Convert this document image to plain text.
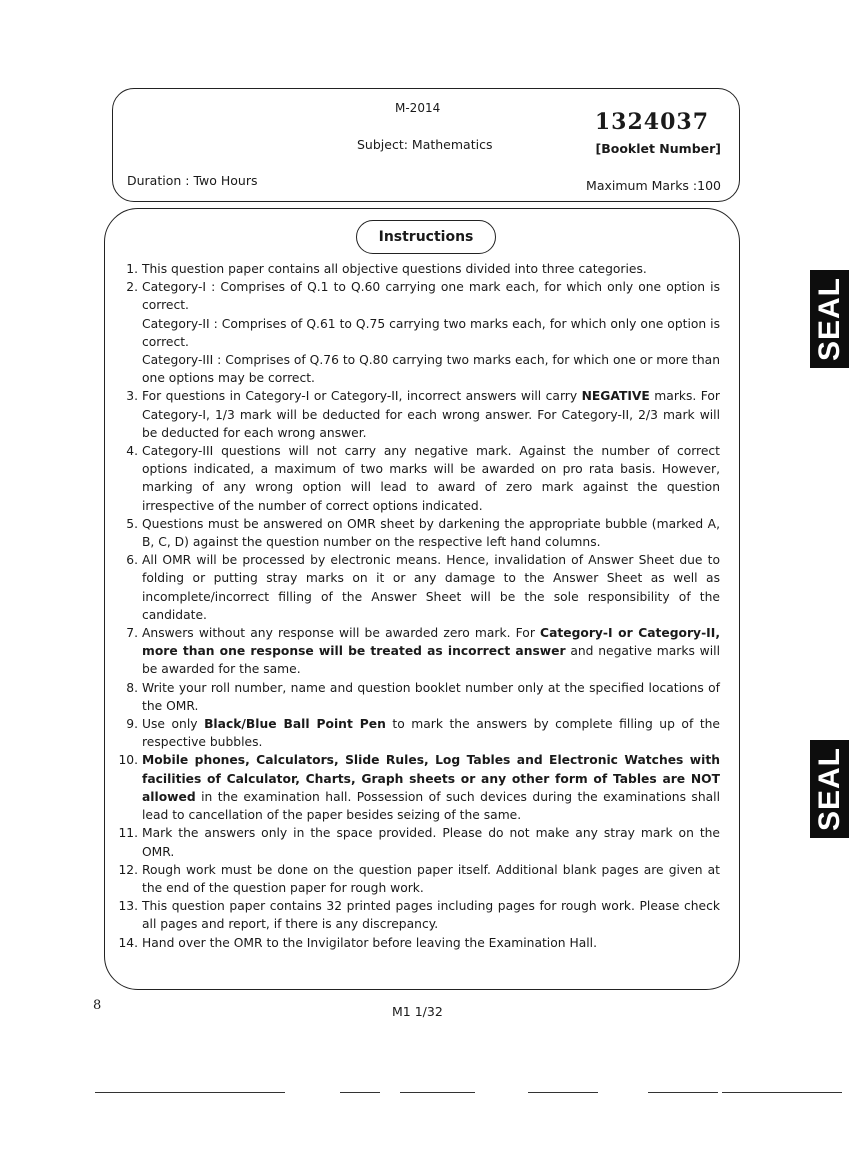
M-2014
1324037
Subject: Mathematics	[Booklet Number]
Duration : Two Hours	Maximum Marks :100
Instructions
1. This question paper contains all objective questions divided into three categories.
2. Category-I : Comprises of Q.1 to Q.60 carrying one mark each, for which only one option is correct.
Category-II : Comprises of Q.61 to Q.75 carrying two marks each, for which only one option is correct.
Category-III : Comprises of Q.76 to Q.80 carrying two marks each, for which one or more than one options may be correct.
3. For questions in Category-I or Category-II, incorrect answers will carry NEGATIVE marks. For Category-I, 1/3 mark will be deducted for each wrong answer. For Category-II, 2/3 mark will be deducted for each wrong answer.
4. Category-III questions will not carry any negative mark. Against the number of correct options indicated, a maximum of two marks will be awarded on pro rata basis. However, marking of any wrong option will lead to award of zero mark against the question irrespective of the number of correct options indicated.
5. Questions must be answered on OMR sheet by darkening the appropriate bubble (marked A, B, C, D) against the question number on the respective left hand columns.
6. All OMR will be processed by electronic means. Hence, invalidation of Answer Sheet due to folding or putting stray marks on it or any damage to the Answer Sheet as well as incomplete/incorrect filling of the Answer Sheet will be the sole responsibility of the candidate.
7. Answers without any response will be awarded zero mark. For Category-I or Category-II, more than one response will be treated as incorrect answer and negative marks will be awarded for the same.
8. Write your roll number, name and question booklet number only at the specified locations of the OMR.
9. Use only Black/Blue Ball Point Pen to mark the answers by complete filling up of the respective bubbles.
10. Mobile phones, Calculators, Slide Rules, Log Tables and Electronic Watches with facilities of Calculator, Charts, Graph sheets or any other form of Tables are NOT allowed in the examination hall. Possession of such devices during the examinations shall lead to cancellation of the paper besides seizing of the same.
11. Mark the answers only in the space provided. Please do not make any stray mark on the OMR.
12. Rough work must be done on the question paper itself. Additional blank pages are given at the end of the question paper for rough work.
13. This question paper contains 32 printed pages including pages for rough work. Please check all pages and report, if there is any discrepancy.
14. Hand over the OMR to the Invigilator before leaving the Examination Hall.
SEAL
SEAL
8	M1 1/32
